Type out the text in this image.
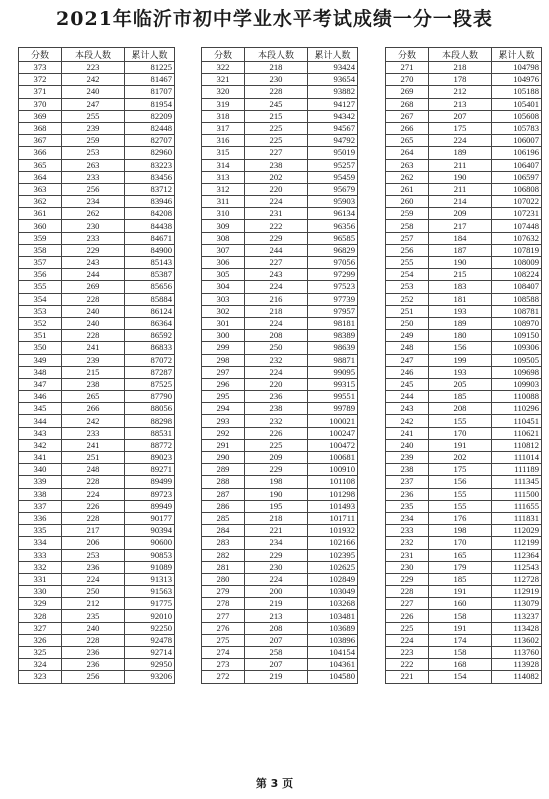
2021年临沂市初中学业水平考试成绩一分一段表
分数	本段人数	累计人数
373	223	81225
372	242	81467
371	240	81707
370	247	81954
369	255	82209
368	239	82448
367	259	82707
366	253	82960
365	263	83223
364	233	83456
363	256	83712
362	234	83946
361	262	84208
360	230	84438
359	233	84671
358	229	84900
357	243	85143
356	244	85387
355	269	85656
354	228	85884
353	240	86124
352	240	86364
351	228	86592
350	241	86833
349	239	87072
348	215	87287
347	238	87525
346	265	87790
345	266	88056
344	242	88298
343	233	88531
342	241	88772
341	251	89023
340	248	89271
339	228	89499
338	224	89723
337	226	89949
336	228	90177
335	217	90394
334	206	90600
333	253	90853
332	236	91089
331	224	91313
330	250	91563
329	212	91775
328	235	92010
327	240	92250
326	228	92478
325	236	92714
324	236	92950
323	256	93206
分数	本段人数	累计人数
322	218	93424
321	230	93654
320	228	93882
319	245	94127
318	215	94342
317	225	94567
316	225	94792
315	227	95019
314	238	95257
313	202	95459
312	220	95679
311	224	95903
310	231	96134
309	222	96356
308	229	96585
307	244	96829
306	227	97056
305	243	97299
304	224	97523
303	216	97739
302	218	97957
301	224	98181
300	208	98389
299	250	98639
298	232	98871
297	224	99095
296	220	99315
295	236	99551
294	238	99789
293	232	100021
292	226	100247
291	225	100472
290	209	100681
289	229	100910
288	198	101108
287	190	101298
286	195	101493
285	218	101711
284	221	101932
283	234	102166
282	229	102395
281	230	102625
280	224	102849
279	200	103049
278	219	103268
277	213	103481
276	208	103689
275	207	103896
274	258	104154
273	207	104361
272	219	104580
分数	本段人数	累计人数
271	218	104798
270	178	104976
269	212	105188
268	213	105401
267	207	105608
266	175	105783
265	224	106007
264	189	106196
263	211	106407
262	190	106597
261	211	106808
260	214	107022
259	209	107231
258	217	107448
257	184	107632
256	187	107819
255	190	108009
254	215	108224
253	183	108407
252	181	108588
251	193	108781
250	189	108970
249	180	109150
248	156	109306
247	199	109505
246	193	109698
245	205	109903
244	185	110088
243	208	110296
242	155	110451
241	170	110621
240	191	110812
239	202	111014
238	175	111189
237	156	111345
236	155	111500
235	155	111655
234	176	111831
233	198	112029
232	170	112199
231	165	112364
230	179	112543
229	185	112728
228	191	112919
227	160	113079
226	158	113237
225	191	113428
224	174	113602
223	158	113760
222	168	113928
221	154	114082
第 3 页
